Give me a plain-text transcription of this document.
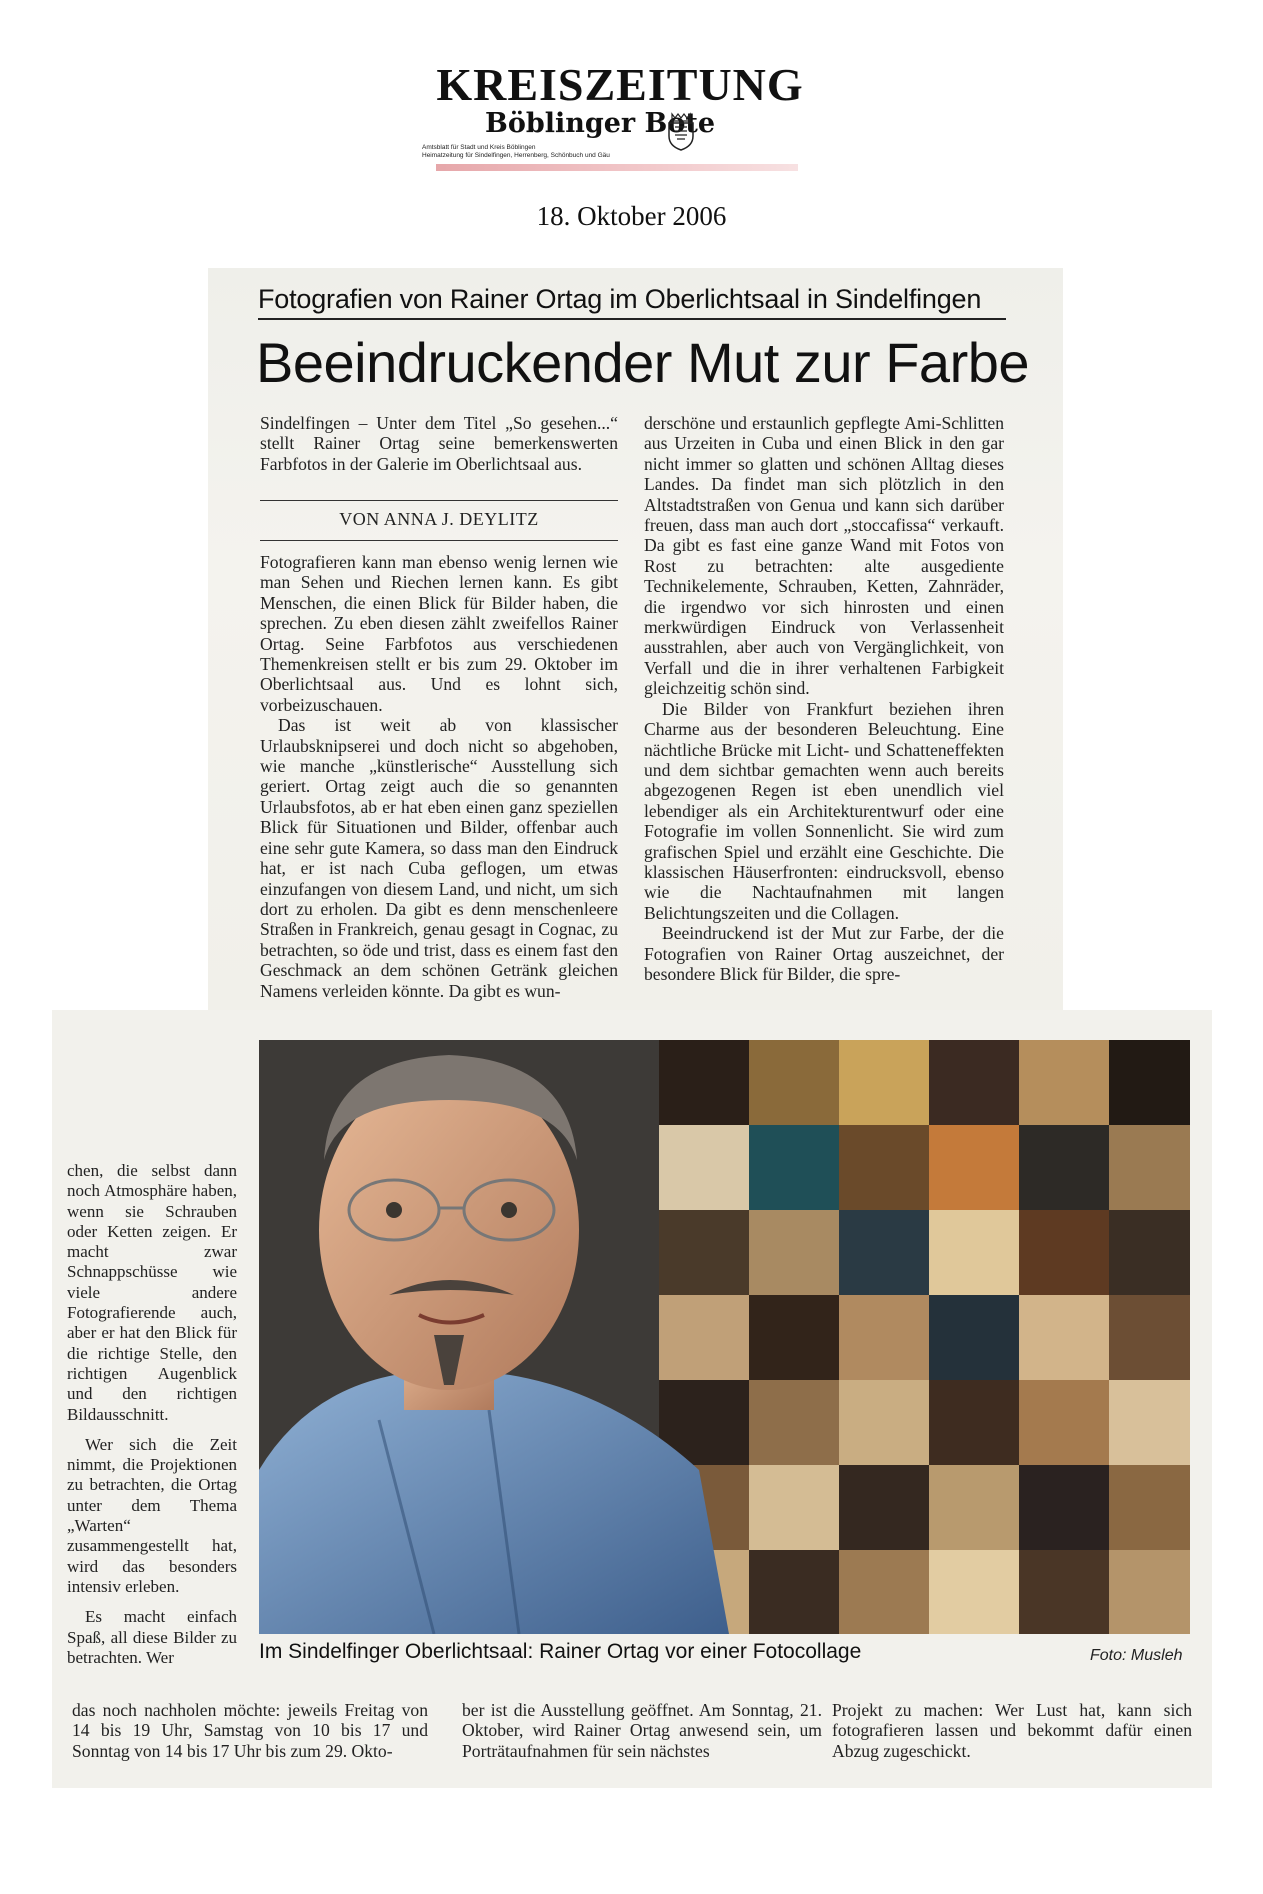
KREISZEITUNG
Böblinger Bote
Amtsblatt für Stadt und Kreis Böblingen
Heimatzeitung für Sindelfingen, Herrenberg, Schönbuch und Gäu
18. Oktober 2006
Fotografien von Rainer Ortag im Oberlichtsaal in Sindelfingen
Beeindruckender Mut zur Farbe

Sindelfingen – Unter dem Titel „So gesehen...“ stellt Rainer Ortag seine bemerkenswerten Farbfotos in der Galerie im Oberlichtsaal aus.

VON ANNA J. DEYLITZ

Fotografieren kann man ebenso wenig lernen wie man Sehen und Riechen lernen kann. Es gibt Menschen, die einen Blick für Bilder haben, die sprechen. Zu eben diesen zählt zweifellos Rainer Ortag. Seine Farbfotos aus verschiedenen Themenkreisen stellt er bis zum 29. Oktober im Oberlichtsaal aus. Und es lohnt sich, vorbeizuschauen.

Das ist weit ab von klassischer Urlaubsknipserei und doch nicht so abgehoben, wie manche „künstlerische“ Ausstellung sich geriert. Ortag zeigt auch die so genannten Urlaubsfotos, ab er hat eben einen ganz speziellen Blick für Situationen und Bilder, offenbar auch eine sehr gute Kamera, so dass man den Eindruck hat, er ist nach Cuba geflogen, um etwas einzufangen von diesem Land, und nicht, um sich dort zu erholen. Da gibt es denn menschenleere Straßen in Frankreich, genau gesagt in Cognac, zu betrachten, so öde und trist, dass es einem fast den Geschmack an dem schönen Getränk gleichen Namens verleiden könnte. Da gibt es wun-

derschöne und erstaunlich gepflegte Ami-Schlitten aus Urzeiten in Cuba und einen Blick in den gar nicht immer so glatten und schönen Alltag dieses Landes. Da findet man sich plötzlich in den Altstadtstraßen von Genua und kann sich darüber freuen, dass man auch dort „stoccafissa“ verkauft. Da gibt es fast eine ganze Wand mit Fotos von Rost zu betrachten: alte ausgediente Technikelemente, Schrauben, Ketten, Zahnräder, die irgendwo vor sich hinrosten und einen merkwürdigen Eindruck von Verlassenheit ausstrahlen, aber auch von Vergänglichkeit, von Verfall und die in ihrer verhaltenen Farbigkeit gleichzeitig schön sind.

Die Bilder von Frankfurt beziehen ihren Charme aus der besonderen Beleuchtung. Eine nächtliche Brücke mit Licht- und Schatteneffekten und dem sichtbar gemachten wenn auch bereits abgezogenen Regen ist eben unendlich viel lebendiger als ein Architekturentwurf oder eine Fotografie im vollen Sonnenlicht. Sie wird zum grafischen Spiel und erzählt eine Geschichte. Die klassischen Häuserfronten: eindrucksvoll, ebenso wie die Nachtaufnahmen mit langen Belichtungszeiten und die Collagen.

Beeindruckend ist der Mut zur Farbe, der die Fotografien von Rainer Ortag auszeichnet, der besondere Blick für Bilder, die spre-

chen, die selbst dann noch Atmosphäre haben, wenn sie Schrauben oder Ketten zeigen. Er macht zwar Schnappschüsse wie viele andere Fotografierende auch, aber er hat den Blick für die richtige Stelle, den richtigen Augenblick und den richtigen Bildausschnitt.

Wer sich die Zeit nimmt, die Projektionen zu betrachten, die Ortag unter dem Thema „Warten“ zusammengestellt hat, wird das besonders intensiv erleben.

Es macht einfach Spaß, all diese Bilder zu betrachten. Wer	Im Sindelfinger Oberlichtsaal: Rainer Ortag vor einer Fotocollage	Foto: Musleh

das noch nachholen möchte: jeweils Freitag von 14 bis 19 Uhr, Samstag von 10 bis 17 und Sonntag von 14 bis 17 Uhr bis zum 29. Okto-

ber ist die Ausstellung geöffnet. Am Sonntag, 21. Oktober, wird Rainer Ortag anwesend sein, um Porträtaufnahmen für sein nächstes

Projekt zu machen: Wer Lust hat, kann sich fotografieren lassen und bekommt dafür einen Abzug zugeschickt.
